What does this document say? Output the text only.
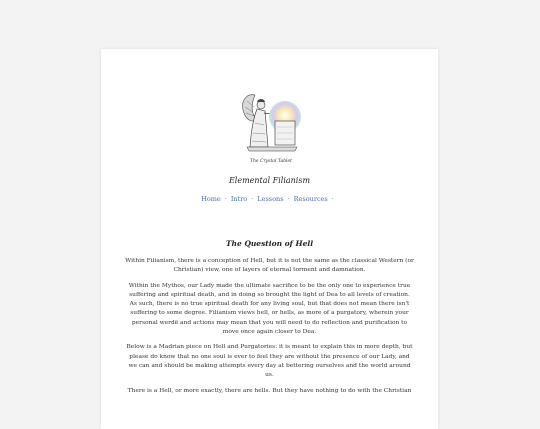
The Crystal Tablet
Elemental Filianism
Home · Intro · Lessons · Resources ·
The Question of Hell

Within Filianism, there is a conception of Hell, but it is not the same as the classical Western (or Christian) view, one of layers of eternal torment and damnation.

Within the Mythos, our Lady made the ultimate sacrifice to be the only one to experience true suffering and spiritual death, and in doing so brought the light of Dea to all levels of creation. As such, there is no true spiritual death for any living soul, but that does not mean there isn't suffering to some degree. Filianism views hell, or hells, as more of a purgatory, wherein your personal werdë and actions may mean that you will need to do reflection and purification to move once again closer to Dea.

Below is a Madrian piece on Hell and Purgatories: it is meant to explain this in more depth, but please do know that no one soul is ever to feel they are without the presence of our Lady, and we can and should be making attempts every day at bettering ourselves and the world around us.

There is a Hell, or more exactly, there are hells. But they have nothing to do with the Christian
